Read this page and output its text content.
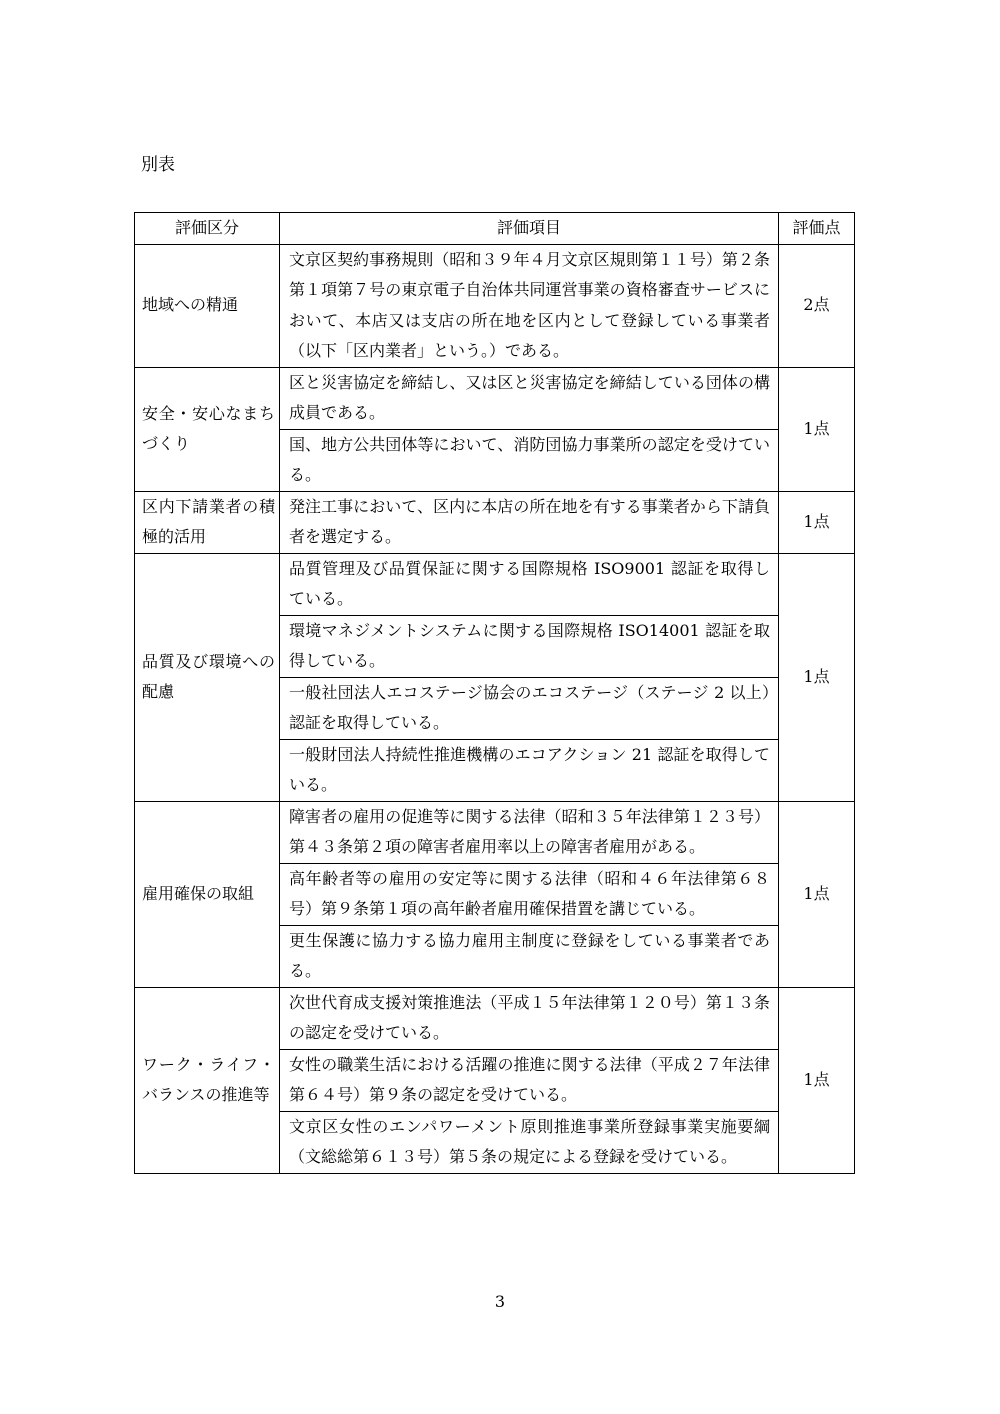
別表
評価区分	評価項目	評価点
地域への精通	文京区契約事務規則（昭和３９年４月文京区規則第１１号）第２条第１項第７号の東京電子自治体共同運営事業の資格審査サービスにおいて、本店又は支店の所在地を区内として登録している事業者（以下「区内業者」という。）である。	2点
安全・安心なまちづくり	区と災害協定を締結し、又は区と災害協定を締結している団体の構成員である。	1点
	国、地方公共団体等において、消防団協力事業所の認定を受けている。	
区内下請業者の積極的活用	発注工事において、区内に本店の所在地を有する事業者から下請負者を選定する。	1点
品質及び環境への配慮	品質管理及び品質保証に関する国際規格 ISO9001 認証を取得している。	1点
	環境マネジメントシステムに関する国際規格 ISO14001 認証を取得している。	
	一般社団法人エコステージ協会のエコステージ（ステージ 2 以上）認証を取得している。	
	一般財団法人持続性推進機構のエコアクション 21 認証を取得している。	
雇用確保の取組	障害者の雇用の促進等に関する法律（昭和３５年法律第１２３号）第４３条第２項の障害者雇用率以上の障害者雇用がある。	1点
	高年齢者等の雇用の安定等に関する法律（昭和４６年法律第６８号）第９条第１項の高年齢者雇用確保措置を講じている。	
	更生保護に協力する協力雇用主制度に登録をしている事業者である。	
ワーク・ライフ・バランスの推進等	次世代育成支援対策推進法（平成１５年法律第１２０号）第１３条の認定を受けている。	1点
	女性の職業生活における活躍の推進に関する法律（平成２７年法律第６４号）第９条の認定を受けている。	
	文京区女性のエンパワーメント原則推進事業所登録事業実施要綱（文総総第６１３号）第５条の規定による登録を受けている。	
3
